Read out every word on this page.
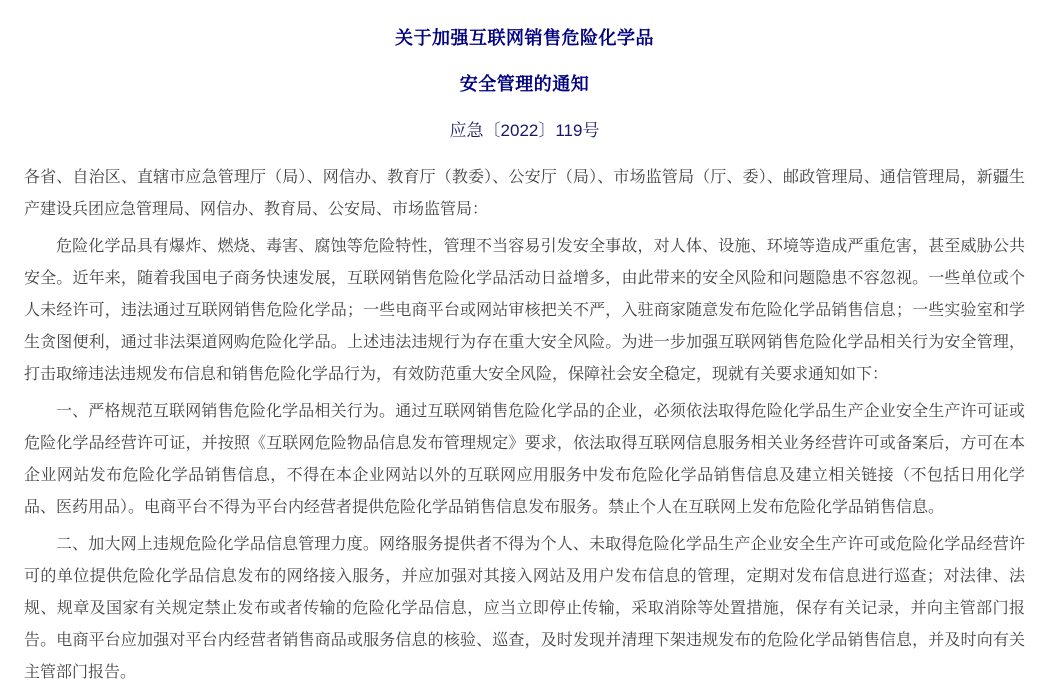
关于加强互联网销售危险化学品
安全管理的通知
应急〔2022〕119号

各省、自治区、直辖市应急管理厅（局）、网信办、教育厅（教委）、公安厅（局）、市场监管局（厅、委）、邮政管理局、通信管理局，新疆生产建设兵团应急管理局、网信办、教育局、公安局、市场监管局：

危险化学品具有爆炸、燃烧、毒害、腐蚀等危险特性，管理不当容易引发安全事故，对人体、设施、环境等造成严重危害，甚至威胁公共安全。近年来，随着我国电子商务快速发展，互联网销售危险化学品活动日益增多，由此带来的安全风险和问题隐患不容忽视。一些单位或个人未经许可，违法通过互联网销售危险化学品；一些电商平台或网站审核把关不严，入驻商家随意发布危险化学品销售信息；一些实验室和学生贪图便利，通过非法渠道网购危险化学品。上述违法违规行为存在重大安全风险。为进一步加强互联网销售危险化学品相关行为安全管理，打击取缔违法违规发布信息和销售危险化学品行为，有效防范重大安全风险，保障社会安全稳定，现就有关要求通知如下：

一、严格规范互联网销售危险化学品相关行为。通过互联网销售危险化学品的企业，必须依法取得危险化学品生产企业安全生产许可证或危险化学品经营许可证，并按照《互联网危险物品信息发布管理规定》要求，依法取得互联网信息服务相关业务经营许可或备案后，方可在本企业网站发布危险化学品销售信息，不得在本企业网站以外的互联网应用服务中发布危险化学品销售信息及建立相关链接（不包括日用化学品、医药用品）。电商平台不得为平台内经营者提供危险化学品销售信息发布服务。禁止个人在互联网上发布危险化学品销售信息。

二、加大网上违规危险化学品信息管理力度。网络服务提供者不得为个人、未取得危险化学品生产企业安全生产许可或危险化学品经营许可的单位提供危险化学品信息发布的网络接入服务，并应加强对其接入网站及用户发布信息的管理，定期对发布信息进行巡查；对法律、法规、规章及国家有关规定禁止发布或者传输的危险化学品信息，应当立即停止传输，采取消除等处置措施，保存有关记录，并向主管部门报告。电商平台应加强对平台内经营者销售商品或服务信息的核验、巡查，及时发现并清理下架违规发布的危险化学品销售信息，并及时向有关主管部门报告。
